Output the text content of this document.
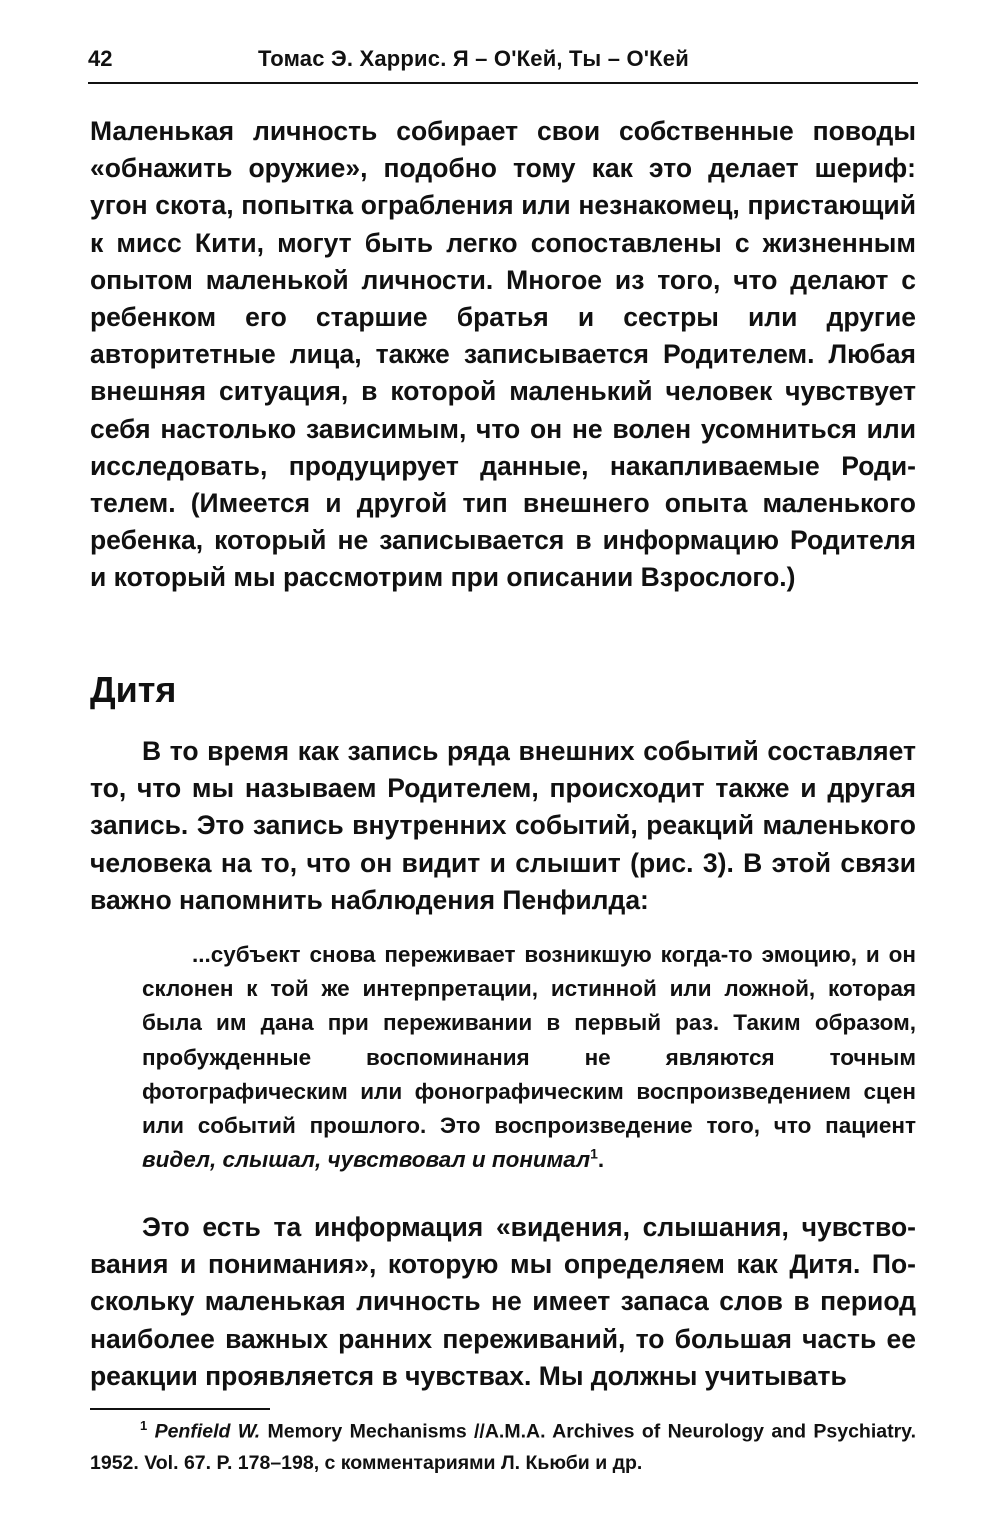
42	Томас Э. Харрис. Я – О'Кей, Ты – О'Кей

Маленькая личность собирает свои собственные поводы «обнажить оружие», подобно тому как это делает шериф: угон скота, попытка ограбления или незнакомец, пристающий к мисс Кити, могут быть легко сопоставлены с жизненным опытом маленькой личности. Многое из того, что делают с ребенком его старшие братья и сестры или другие авторитетные лица, также записывается Родителем. Любая внешняя ситуация, в которой маленький человек чувствует себя настолько зависимым, что он не волен усомниться или исследовать, продуцирует данные, накапливаемые Родителем. (Имеется и другой тип внешнего опыта маленького ребенка, который не записывается в информацию Родителя и который мы рассмотрим при описании Взрослого.)

Дитя

В то время как запись ряда внешних событий составляет то, что мы называем Родителем, происходит также и другая запись. Это запись внутренних событий, реакций маленького человека на то, что он видит и слышит (рис. 3). В этой связи важно напомнить наблюдения Пенфилда:

...субъект снова переживает возникшую когда-то эмоцию, и он склонен к той же интерпретации, истинной или ложной, которая была им дана при переживании в первый раз. Таким образом, пробужденные воспоминания не являются точным фотографическим или фонографическим воспроизведением сцен или событий прошлого. Это воспроизведение того, что пациент видел, слышал, чувствовал и понимал$^1$.

Это есть та информация «видения, слышания, чувствования и понимания», которую мы определяем как Дитя. Поскольку маленькая личность не имеет запаса слов в период наиболее важных ранних переживаний, то большая часть ее реакции проявляется в чувствах. Мы должны учитывать

$^1$ Penfield W. Memory Mechanisms //A.M.A. Archives of Neurology and Psychiatry. 1952. Vol. 67. P. 178–198, с комментариями Л. Кьюби и др.
